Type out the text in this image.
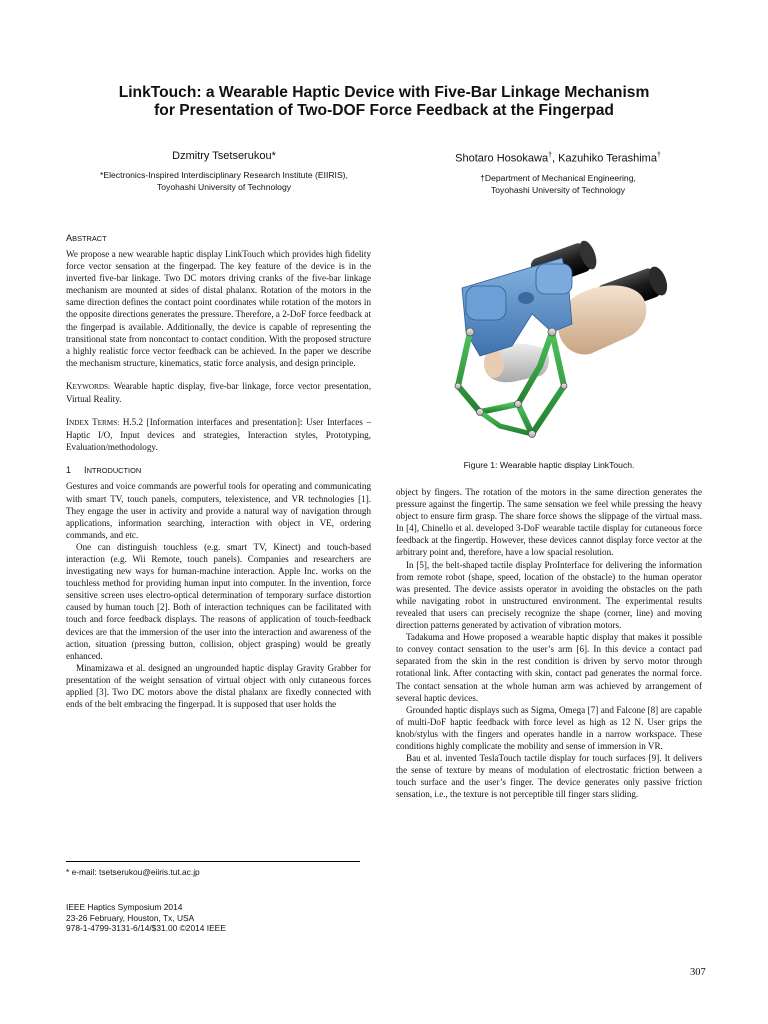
LinkTouch: a Wearable Haptic Device with Five-Bar Linkage Mechanism
for Presentation of Two-DOF Force Feedback at the Fingerpad
Dzmitry Tsetserukou*
*Electronics-Inspired Interdisciplinary Research Institute (EIIRIS),
Toyohashi University of Technology
Shotaro Hosokawa†, Kazuhiko Terashima†
†Department of Mechanical Engineering,
Toyohashi University of Technology
ABSTRACT

We propose a new wearable haptic display LinkTouch which provides high fidelity force vector sensation at the fingerpad. The key feature of the device is in the inverted five-bar linkage. Two DC motors driving cranks of the five-bar linkage mechanism are mounted at sides of distal phalanx. Rotation of the motors in the same direction defines the contact point coordinates while rotation of the motors in the opposite directions generates the pressure. Therefore, a 2-DoF force feedback at the fingerpad is available. Additionally, the device is capable of representing the transitional state from noncontact to contact condition. With the proposed structure a highly realistic force vector feedback can be achieved. In the paper we describe the mechanism structure, kinematics, static force analysis, and design principle.

KEYWORDS: Wearable haptic display, five-bar linkage, force vector presentation, Virtual Reality.

INDEX TERMS: H.5.2 [Information interfaces and presentation]: User Interfaces – Haptic I/O, Input devices and strategies, Interaction styles, Prototyping, Evaluation/methodology.

1 INTRODUCTION

Gestures and voice commands are powerful tools for operating and communicating with smart TV, touch panels, computers, telexistence, and VR technologies [1]. They engage the user in activity and provide a natural way of navigation through applications, information searching, interaction with object in VE, ordering commands, and etc.

One can distinguish touchless (e.g. smart TV, Kinect) and touch-based interaction (e.g. Wii Remote, touch panels). Companies and researchers are investigating new ways for human-machine interaction. Apple Inc. works on the touchless method for providing human input into computer. In the invention, force sensitive screen uses electro-optical determination of temporary surface distortion caused by human touch [2]. Both of interaction techniques can be facilitated with touch and force feedback displays. The reasons of application of touch-feedback devices are that the immersion of the user into the interaction and awareness of the action, situation (pressing button, collision, object grasping) would be greatly enhanced.

Minamizawa et al. designed an ungrounded haptic display Gravity Grabber for presentation of the weight sensation of virtual object with only cutaneous forces applied [3]. Two DC motors above the distal phalanx are fixedly connected with ends of the belt embracing the fingerpad. It is supposed that user holds the

* e-mail: tsetserukou@eiiris.tut.ac.jp
IEEE Haptics Symposium 2014
23-26 February, Houston, Tx, USA
978-1-4799-3131-6/14/$31.00 ©2014 IEEE
Figure 1: Wearable haptic display LinkTouch.

object by fingers. The rotation of the motors in the same direction generates the pressure against the fingertip. The same sensation we feel while pressing the heavy object to ensure firm grasp. The share force shows the slippage of the virtual mass. In [4], Chinello et al. developed 3-DoF wearable tactile display for cutaneous force feedback at the fingertip. However, these devices cannot display force vector at the arbitrary point and, therefore, have a low spacial resolution.

In [5], the belt-shaped tactile display ProInterface for delivering the information from remote robot (shape, speed, location of the obstacle) to the human operator was presented. The device assists operator in avoiding the obstacles on the path while navigating robot in unstructured environment. The experimental results revealed that users can precisely recognize the shape (corner, line) and moving direction patterns generated by activation of vibration motors.

Tadakuma and Howe proposed a wearable haptic display that makes it possible to convey contact sensation to the user’s arm [6]. In this device a contact pad separated from the skin in the rest condition is driven by servo motor through rotational link. After contacting with skin, contact pad generates the normal force. The contact sensation at the whole human arm was achieved by arrangement of several haptic devices.

Grounded haptic displays such as Sigma, Omega [7] and Falcone [8] are capable of multi-DoF haptic feedback with force level as high as 12 N. User grips the knob/stylus with the fingers and operates handle in a narrow workspace. These conditions highly complicate the mobility and sense of immersion in VR.

Bau et al. invented TeslaTouch tactile display for touch surfaces [9]. It delivers the sense of texture by means of modulation of electrostatic friction between a touch surface and the user’s finger. The device generates only passive friction sensation, i.e., the texture is not perceptible till finger stars sliding.

307
